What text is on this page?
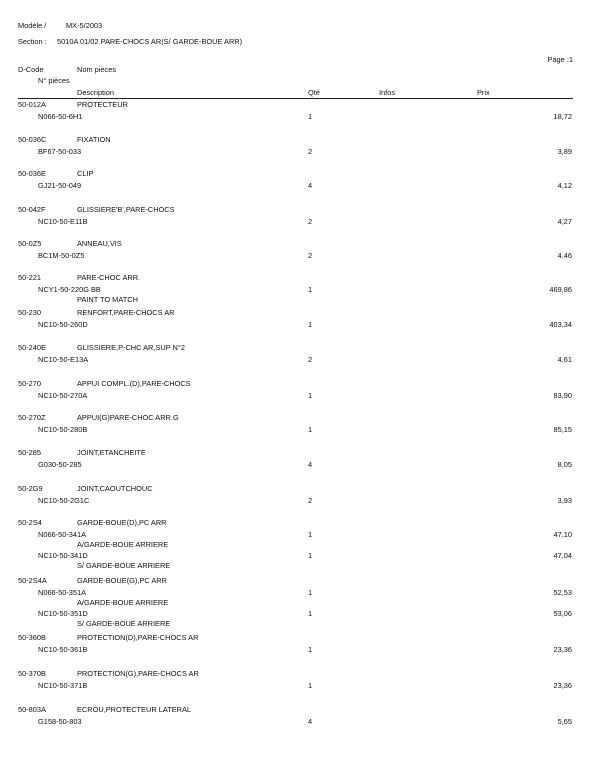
Modèle /	MX-5/2003
Section : 5010A 01/02 PARE-CHOCS AR(S/ GARDE-BOUE ARR)
Page :1
D-Code	Nom pièces
N° pièces
Description	Qté	Infos	Prix
50-012A	PROTECTEUR
N066-50-6H1	1	18,72
50-036C	FIXATION
BF67-50-033	2	3,89
50-036E	CLIP
GJ21-50-049	4	4,12
50-042F	GLISSIERE'B',PARE-CHOCS
NC10-50-E11B	2	4,27
50-0Z5	ANNEAU,VIS
BC1M-50-0Z5	2	4,46
50-221	PARE-CHOC ARR.
NCY1-50-220G BB	1	469,86
PAINT TO MATCH
50-230	RENFORT,PARE-CHOCS AR
NC10-50-260D	1	403,34
50-240E	GLISSIERE,P-CHC AR,SUP N°2
NC10-50-E13A	2	4,61
50-270	APPUI COMPL.(D),PARE-CHOCS
NC10-50-270A	1	83,90
50-270Z	APPUI(G)PARE-CHOC ARR.G
NC10-50-280B	1	85,15
50-285	JOINT,ETANCHEITE
G030-50-285	4	8,05
50-2G9	JOINT,CAOUTCHOUC
NC10-50-2G1C	2	3,93
50-2S4	GARDE-BOUE(D),PC ARR
N066-50-341A	1	47,10
A/GARDE-BOUE ARRIERE
NC10-50-341D	1	47,04
S/ GARDE-BOUE ARRIERE
50-2S4A	GARDE-BOUE(G),PC ARR
N066-50-351A	1	52,53
A/GARDE-BOUE ARRIERE
NC10-50-351D	1	53,06
S/ GARDE-BOUE ARRIERE
50-360B	PROTECTION(D),PARE-CHOCS AR
NC10-50-361B	1	23,36
50-370B	PROTECTION(G),PARE-CHOCS AR
NC10-50-371B	1	23,36
50-803A	ECROU,PROTECTEUR LATERAL
G158-50-803	4	5,65
